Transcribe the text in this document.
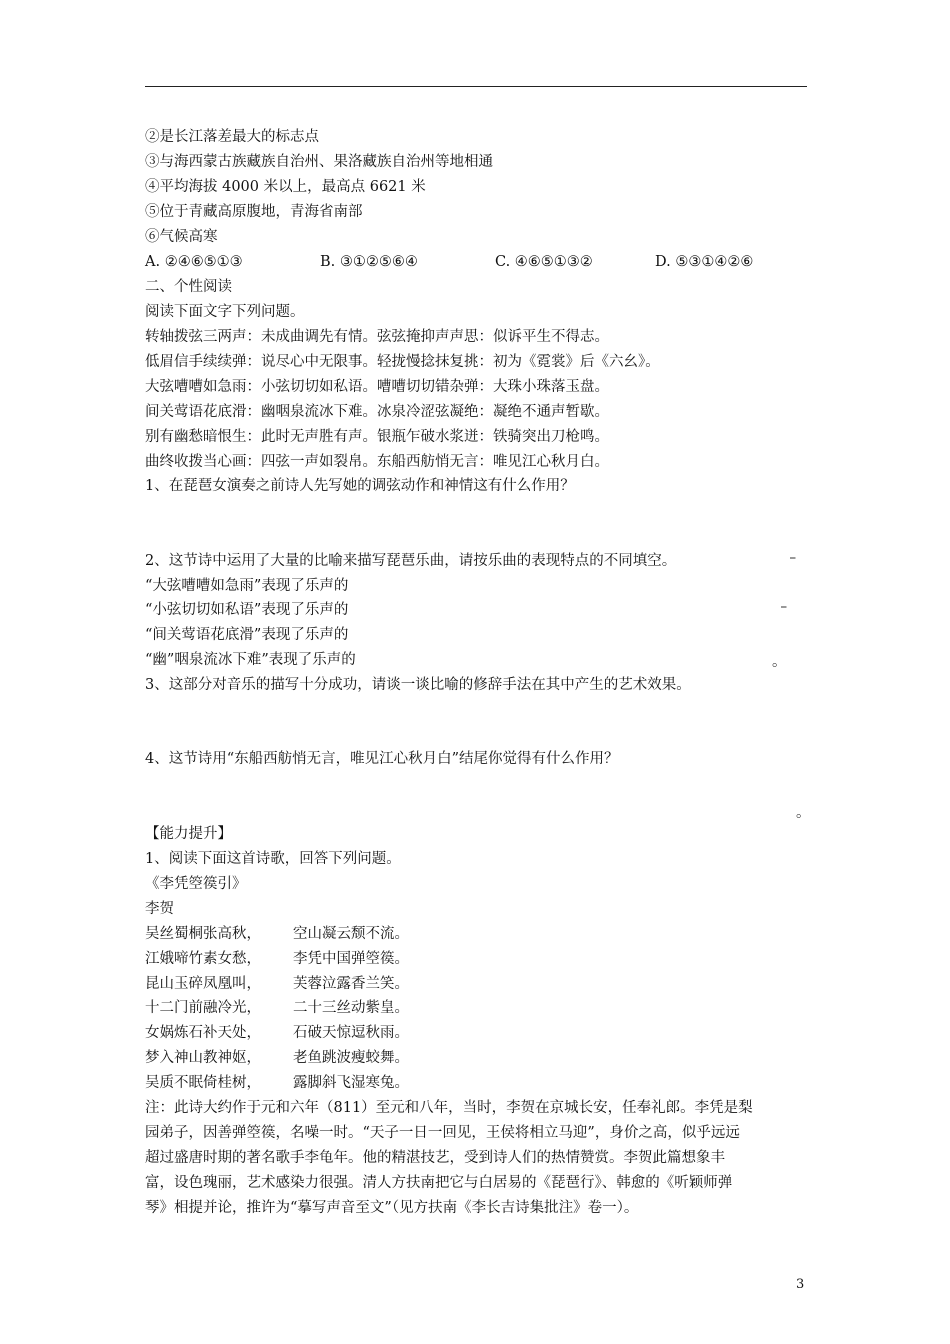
②是长江落差最大的标志点
③与海西蒙古族藏族自治州、果洛藏族自治州等地相通
④平均海拔 4000 米以上，最高点 6621 米
⑤位于青藏高原腹地，青海省南部
⑥气候高寒
A. ②④⑥⑤①③	B. ③①②⑤⑥④	C. ④⑥⑤①③②	D. ⑤③①④②⑥
二、个性阅读
阅读下面文字下列问题。
转轴拨弦三两声：未成曲调先有情。弦弦掩抑声声思：似诉平生不得志。
低眉信手续续弹：说尽心中无限事。轻拢慢捻抹复挑：初为《霓裳》后《六幺》。
大弦嘈嘈如急雨：小弦切切如私语。嘈嘈切切错杂弹：大珠小珠落玉盘。
间关莺语花底滑：幽咽泉流冰下难。冰泉冷涩弦凝绝：凝绝不通声暂歇。
别有幽愁暗恨生：此时无声胜有声。银瓶乍破水浆迸：铁骑突出刀枪鸣。
曲终收拨当心画：四弦一声如裂帛。东船西舫悄无言：唯见江心秋月白。
1、在琵琶女演奏之前诗人先写她的调弦动作和神情这有什么作用？
2、这节诗中运用了大量的比喻来描写琵琶乐曲，请按乐曲的表现特点的不同填空。	⎯
“大弦嘈嘈如急雨”表现了乐声的
“小弦切切如私语”表现了乐声的	⎯
“间关莺语花底滑”表现了乐声的
“幽”咽泉流冰下难”表现了乐声的	。
3、这部分对音乐的描写十分成功，请谈一谈比喻的修辞手法在其中产生的艺术效果。
4、这节诗用“东船西舫悄无言，唯见江心秋月白”结尾你觉得有什么作用？
。
【能力提升】
1、阅读下面这首诗歌，回答下列问题。
《李凭箜篌引》
李贺
吴丝蜀桐张高秋， 空山凝云颓不流。
江娥啼竹素女愁， 李凭中国弹箜篌。
昆山玉碎凤凰叫， 芙蓉泣露香兰笑。
十二门前融冷光， 二十三丝动紫皇。
女娲炼石补天处， 石破天惊逗秋雨。
梦入神山教神妪， 老鱼跳波瘦蛟舞。
吴质不眠倚桂树， 露脚斜飞湿寒兔。
注：此诗大约作于元和六年（811）至元和八年，当时，李贺在京城长安，任奉礼郎。李凭是梨
园弟子，因善弹箜篌，名噪一时。“天子一日一回见，王侯将相立马迎”，身价之高，似乎远远
超过盛唐时期的著名歌手李龟年。他的精湛技艺，受到诗人们的热情赞赏。李贺此篇想象丰
富，设色瑰丽，艺术感染力很强。清人方扶南把它与白居易的《琵琶行》、韩愈的《听颖师弹
琴》相提并论，推许为“摹写声音至文”（见方扶南《李长吉诗集批注》卷一）。
3
